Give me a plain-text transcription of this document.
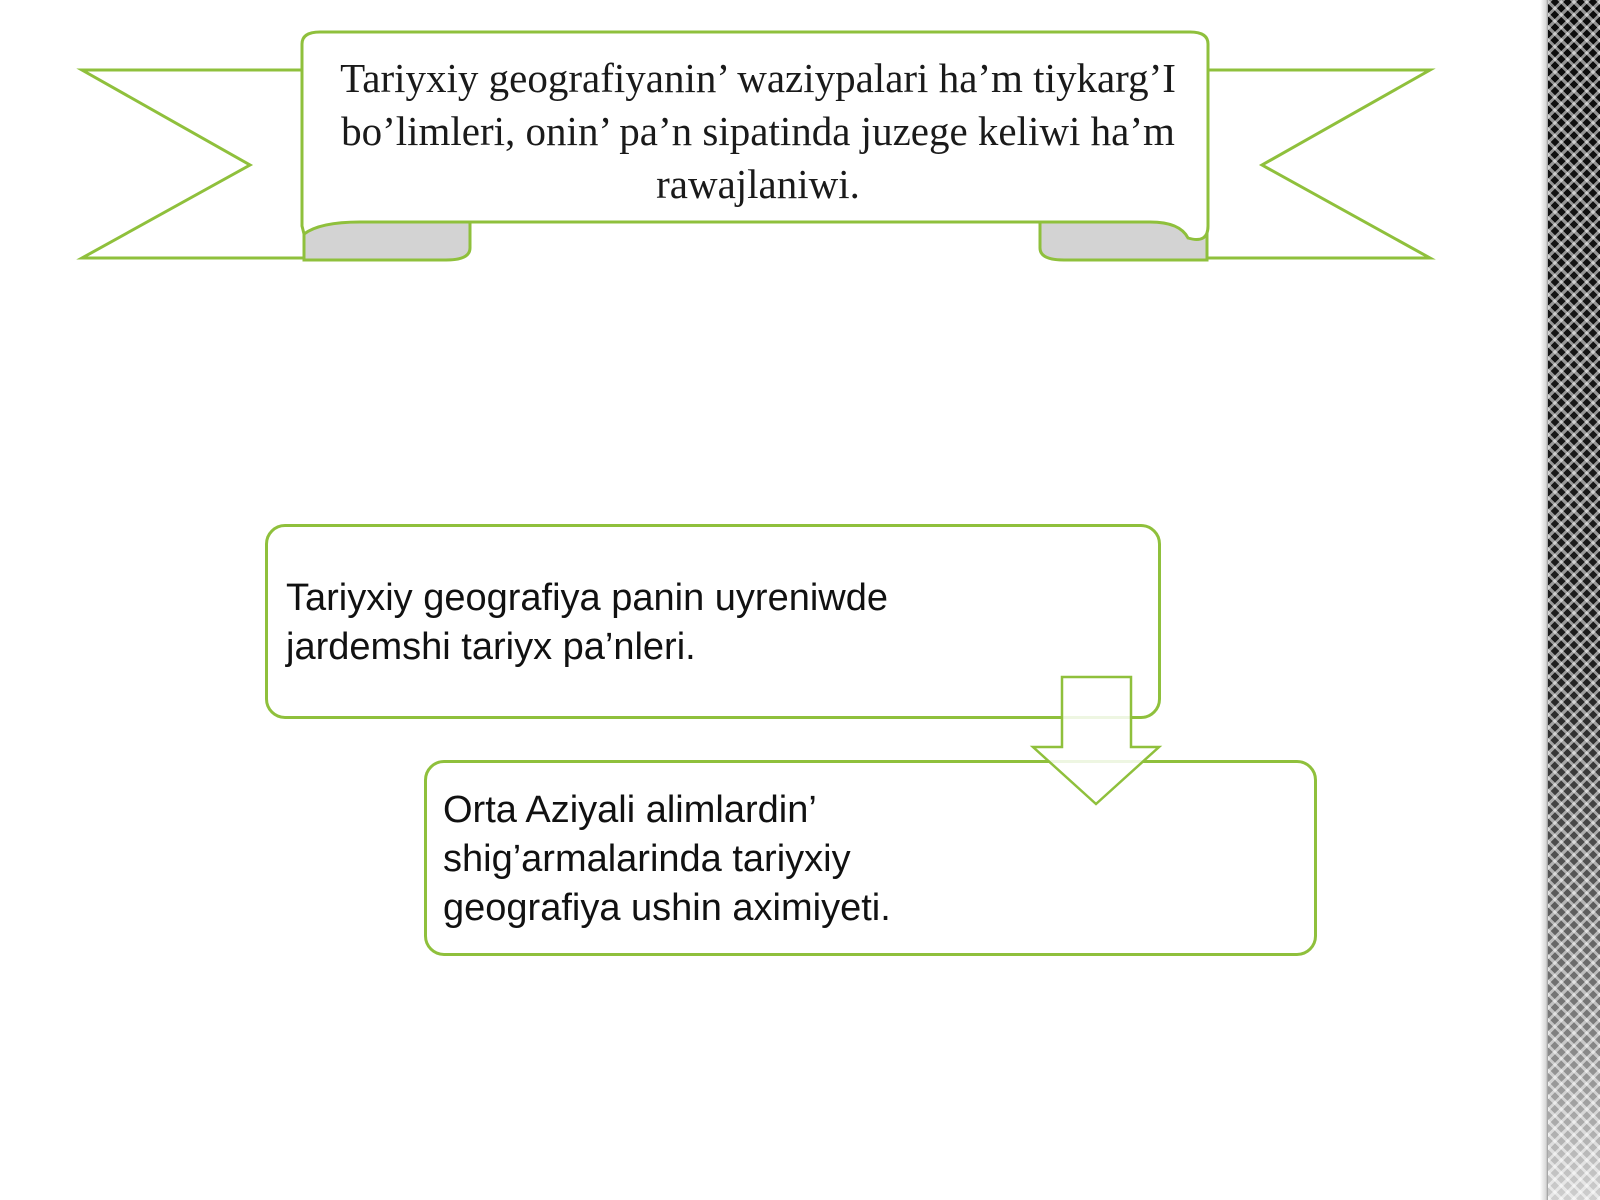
Tariyxiy geografiyanin’ waziypalari ha’m tiykarg’I bo’limleri, onin’ pa’n sipatinda juzege keliwi ha’m rawajlaniwi.
Tariyxiy geografiya panin uyreniwde jardemshi tariyx pa’nleri.
Orta Aziyali alimlardin’ shig’armalarinda tariyxiy geografiya ushin aximiyeti.
